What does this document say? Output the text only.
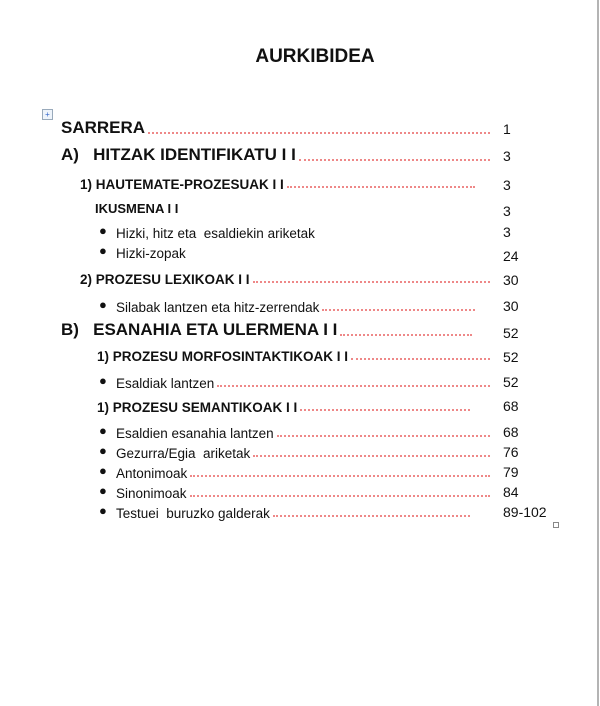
AURKIBIDEA
+
SARRERA	1
A)   HITZAK IDENTIFIKATU I I	3
1) HAUTEMATE-PROZESUAK I I	3
IKUSMENA I I	3
● Hizki, hitz eta  esaldiekin ariketak	3
● Hizki-zopak	24
2) PROZESU LEXIKOAK I I	30
● Silabak lantzen eta hitz-zerrendak	30
B)   ESANAHIA ETA ULERMENA I I	52
1) PROZESU MORFOSINTAKTIKOAK I I	52
● Esaldiak lantzen	52
1) PROZESU SEMANTIKOAK I I	68
● Esaldien esanahia lantzen	68
● Gezurra/Egia  ariketak	76
● Antonimoak	79
● Sinonimoak	84
● Testuei  buruzko galderak	89-102
